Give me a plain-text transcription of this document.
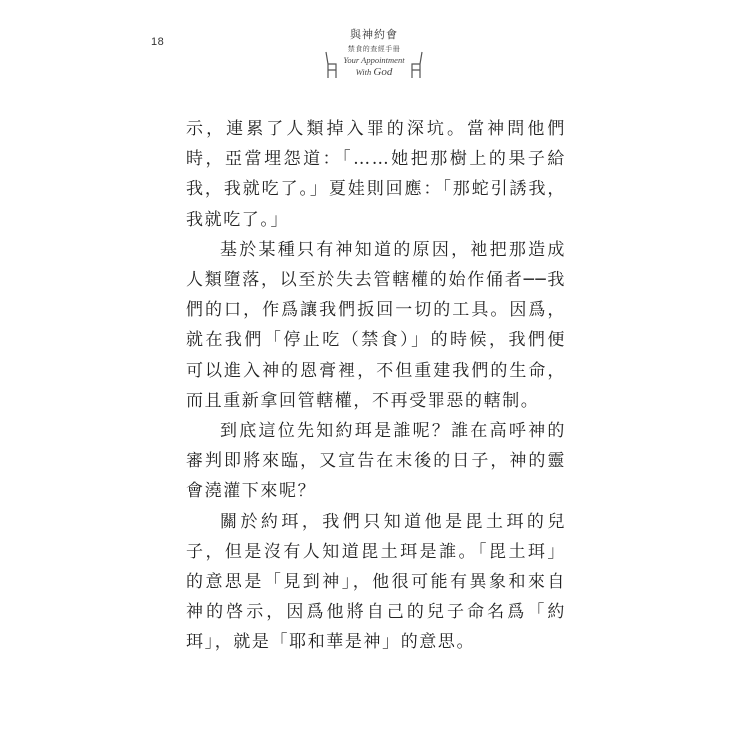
18
與神約會
禁食的查經手冊
Your Appointment
With God

示，連累了人類掉入罪的深坑。當神問他們時，亞當埋怨道：「……她把那樹上的果子給我，我就吃了。」夏娃則回應：「那蛇引誘我，我就吃了。」

基於某種只有神知道的原因，祂把那造成人類墮落，以至於失去管轄權的始作俑者──我們的口，作爲讓我們扳回一切的工具。因爲，就在我們「停止吃（禁食）」的時候，我們便可以進入神的恩膏裡，不但重建我們的生命，而且重新拿回管轄權，不再受罪惡的轄制。

到底這位先知約珥是誰呢？誰在高呼神的審判即將來臨，又宣告在末後的日子，神的靈會澆灌下來呢？

關於約珥，我們只知道他是毘土珥的兒子，但是沒有人知道毘土珥是誰。「毘土珥」的意思是「見到神」，他很可能有異象和來自神的啓示，因爲他將自己的兒子命名爲「約珥」，就是「耶和華是神」的意思。
